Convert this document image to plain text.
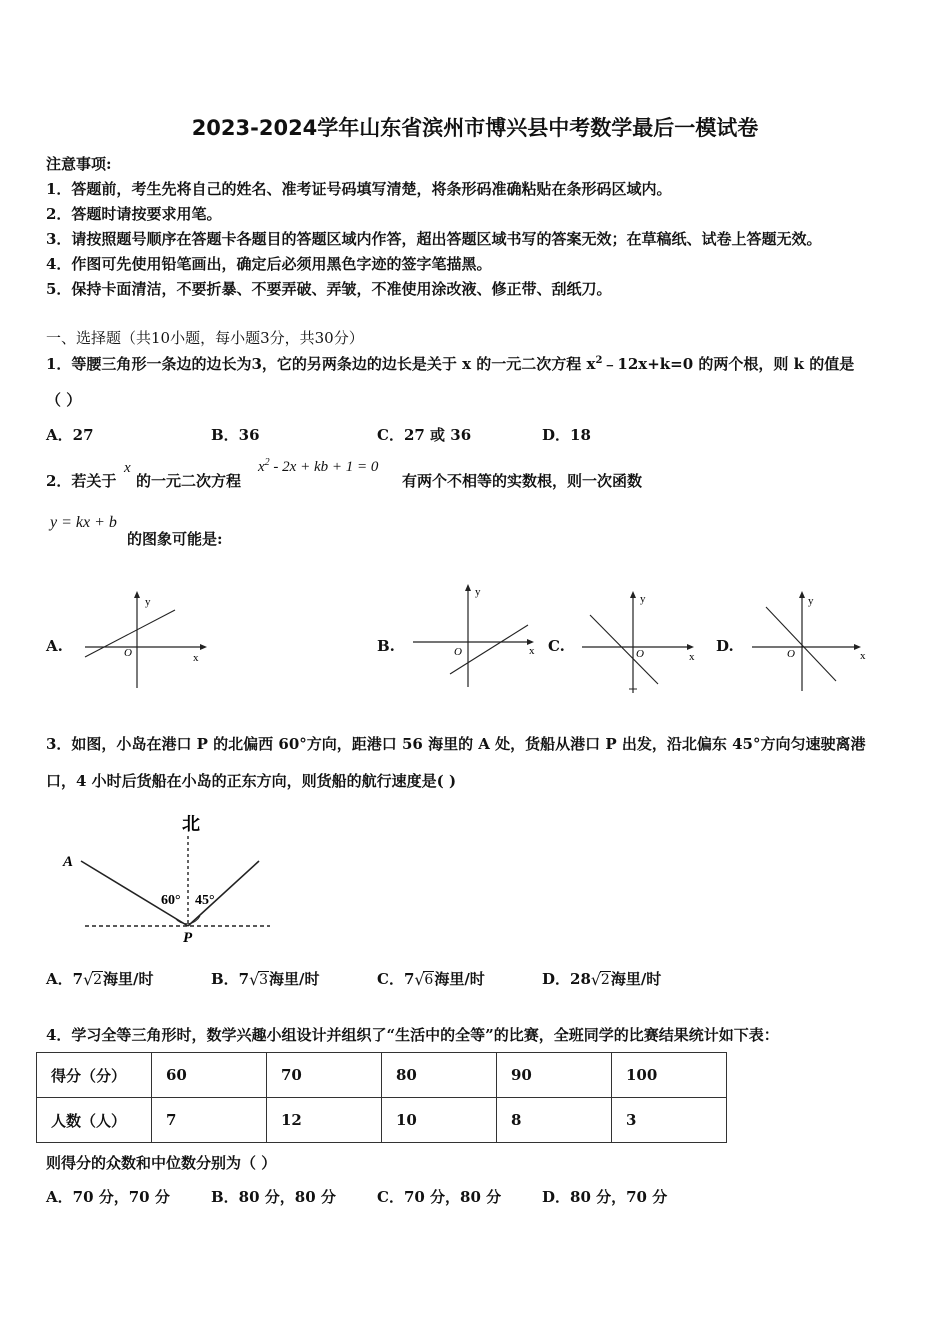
2023-2024学年山东省滨州市博兴县中考数学最后一模试卷
注意事项:
1．答题前，考生先将自己的姓名、准考证号码填写清楚，将条形码准确粘贴在条形码区域内。
2．答题时请按要求用笔。
3．请按照题号顺序在答题卡各题目的答题区域内作答，超出答题区域书写的答案无效；在草稿纸、试卷上答题无效。
4．作图可先使用铅笔画出，确定后必须用黑色字迹的签字笔描黑。
5．保持卡面清洁，不要折暴、不要弄破、弄皱，不准使用涂改液、修正带、刮纸刀。
一、选择题（共10小题，每小题3分，共30分）
1．等腰三角形一条边的边长为3，它的另两条边的边长是关于 x 的一元二次方程 $x^2﹣12x+k=0$ 的两个根，则 k 的值是
（ ）
A．27	B．36	C．27 或 36	D．18
2．若关于
x
的一元二次方程
$x^2 - 2x$ + kb + 1 = 0
有两个不相等的实数根，则一次函数
y = kx + b
的图象可能是:
A.	B.	C.	D.
y
x
O
y
x
O
y
x
O
y
x
O
3．如图，小岛在港口 P 的北偏西 60°方向，距港口 56 海里的 A 处，货船从港口 P 出发，沿北偏东 45°方向匀速驶离港
口，4 小时后货船在小岛的正东方向，则货船的航行速度是( )
北
A
P
60° 45°
A．7 √ 2海里/时	B．7 √ 3海里/时	C．7 √ 6海里/时	D．28 √ 2海里/时
4．学习全等三角形时，数学兴趣小组设计并组织了“生活中的全等”的比赛，全班同学的比赛结果统计如下表：
得分（分）	60	70	80	90	100
人数（人）	7	12	10	8	3
则得分的众数和中位数分别为（ ）
A．70 分，70 分	B．80 分，80 分	C．70 分，80 分	D．80 分，70 分
